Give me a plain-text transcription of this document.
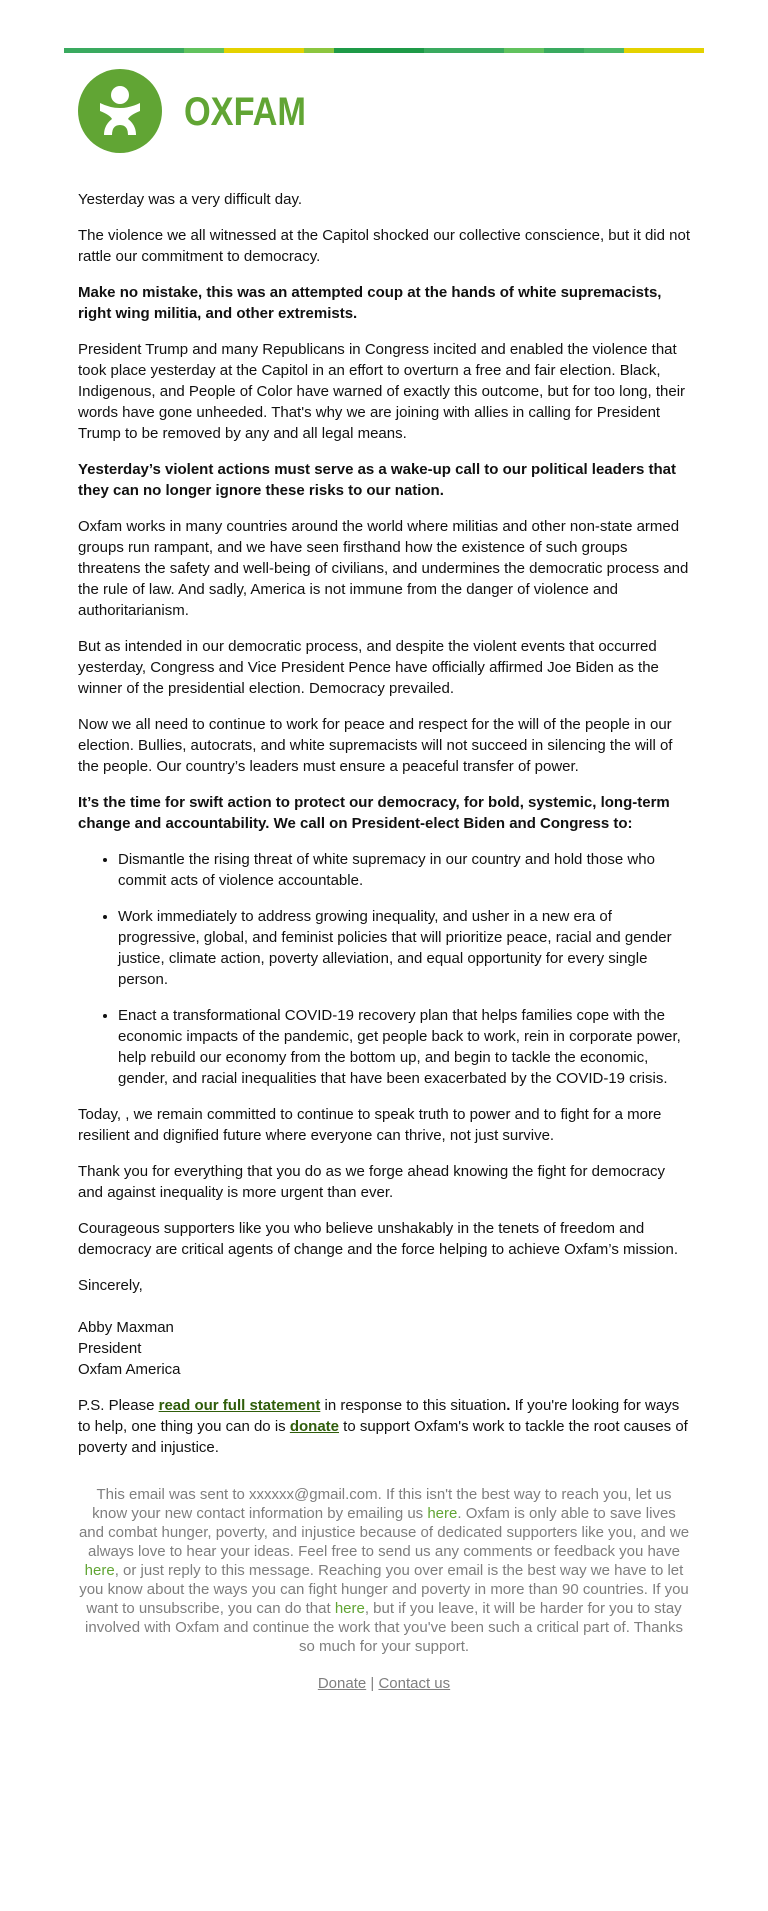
OXFAM

Yesterday was a very difficult day.

The violence we all witnessed at the Capitol shocked our collective conscience, but it did not rattle our commitment to democracy.

Make no mistake, this was an attempted coup at the hands of white supremacists, right wing militia, and other extremists.

President Trump and many Republicans in Congress incited and enabled the violence that took place yesterday at the Capitol in an effort to overturn a free and fair election. Black, Indigenous, and People of Color have warned of exactly this outcome, but for too long, their words have gone unheeded. That's why we are joining with allies in calling for President Trump to be removed by any and all legal means.

Yesterday’s violent actions must serve as a wake-up call to our political leaders that they can no longer ignore these risks to our nation.

Oxfam works in many countries around the world where militias and other non-state armed groups run rampant, and we have seen firsthand how the existence of such groups threatens the safety and well-being of civilians, and undermines the democratic process and the rule of law. And sadly, America is not immune from the danger of violence and authoritarianism.

But as intended in our democratic process, and despite the violent events that occurred yesterday, Congress and Vice President Pence have officially affirmed Joe Biden as the winner of the presidential election. Democracy prevailed.

Now we all need to continue to work for peace and respect for the will of the people in our election. Bullies, autocrats, and white supremacists will not succeed in silencing the will of the people. Our country’s leaders must ensure a peaceful transfer of power.

It’s the time for swift action to protect our democracy, for bold, systemic, long-term change and accountability. We call on President-elect Biden and Congress to:

• Dismantle the rising threat of white supremacy in our country and hold those who commit acts of violence accountable.
• Work immediately to address growing inequality, and usher in a new era of progressive, global, and feminist policies that will prioritize peace, racial and gender justice, climate action, poverty alleviation, and equal opportunity for every single person.
• Enact a transformational COVID-19 recovery plan that helps families cope with the economic impacts of the pandemic, get people back to work, rein in corporate power, help rebuild our economy from the bottom up, and begin to tackle the economic, gender, and racial inequalities that have been exacerbated by the COVID-19 crisis.

Today, , we remain committed to continue to speak truth to power and to fight for a more resilient and dignified future where everyone can thrive, not just survive.

Thank you for everything that you do as we forge ahead knowing the fight for democracy and against inequality is more urgent than ever.

Courageous supporters like you who believe unshakably in the tenets of freedom and democracy are critical agents of change and the force helping to achieve Oxfam’s mission.

Sincerely,

Abby Maxman

President

Oxfam America

P.S. Please read our full statement in response to this situation. If you're looking for ways to help, one thing you can do is donate to support Oxfam's work to tackle the root causes of poverty and injustice.

This email was sent to xxxxxx@gmail.com. If this isn't the best way to reach you, let us know your new contact information by emailing us here. Oxfam is only able to save lives and combat hunger, poverty, and injustice because of dedicated supporters like you, and we always love to hear your ideas. Feel free to send us any comments or feedback you have here, or just reply to this message. Reaching you over email is the best way we have to let you know about the ways you can fight hunger and poverty in more than 90 countries. If you want to unsubscribe, you can do that here, but if you leave, it will be harder for you to stay involved with Oxfam and continue the work that you've been such a critical part of. Thanks so much for your support.
Donate | Contact us
